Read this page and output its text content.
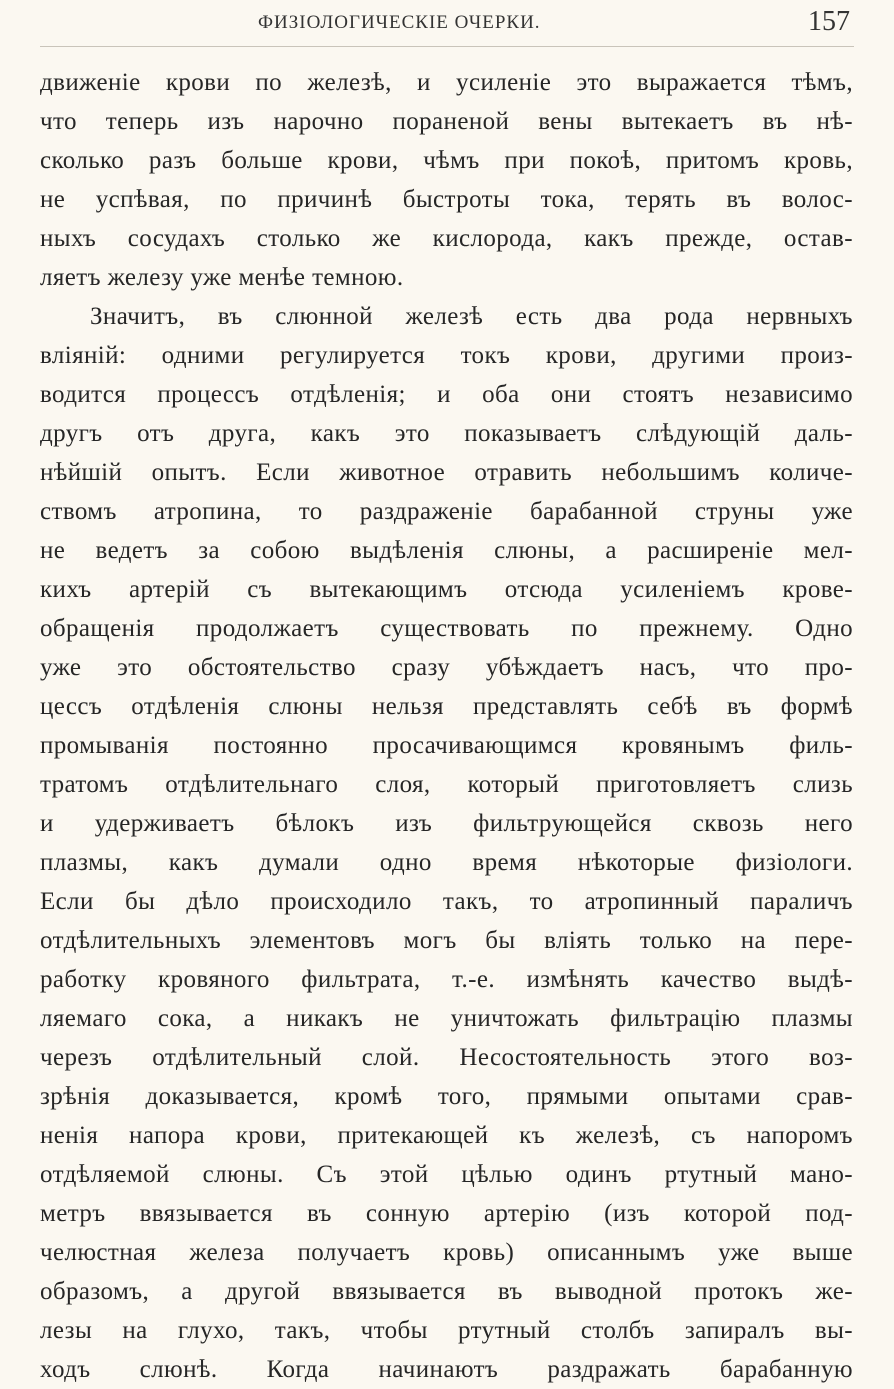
ФИЗІОЛОГИЧЕСКІЕ ОЧЕРКИ.	157
движенiе крови по железѣ, и усиленiе это выражается тѣмъ,
что теперь изъ нарочно пораненой вены вытекаетъ въ нѣ-
сколько разъ больше крови, чѣмъ при покоѣ, притомъ кровь,
не успѣвая, по причинѣ быстроты тока, терять въ волос-
ныхъ сосудахъ столько же кислорода, какъ прежде, остав-
ляетъ железу уже менѣе темною.
Значитъ, въ слюнной железѣ есть два рода нервныхъ
влiянiй: одними регулируется токъ крови, другими произ-
водится процессъ отдѣленiя; и оба они стоятъ независимо
другъ отъ друга, какъ это показываетъ слѣдующiй даль-
нѣйшiй опытъ. Если животное отравить небольшимъ количе-
ствомъ атропина, то раздраженiе барабанной струны уже
не ведетъ за собою выдѣленiя слюны, а расширенiе мел-
кихъ артерiй съ вытекающимъ отсюда усиленiемъ крове-
обращенiя продолжаетъ существовать по прежнему. Одно
уже это обстоятельство сразу убѣждаетъ насъ, что про-
цессъ отдѣленiя слюны нельзя представлять себѣ въ формѣ
промыванiя постоянно просачивающимся кровянымъ филь-
тратомъ отдѣлительнаго слоя, который приготовляетъ слизь
и удерживаетъ бѣлокъ изъ фильтрующейся сквозь него
плазмы, какъ думали одно время нѣкоторые физiологи.
Если бы дѣло происходило такъ, то атропинный параличъ
отдѣлительныхъ элементовъ могъ бы влiять только на пере-
работку кровяного фильтрата, т.-е. измѣнять качество выдѣ-
ляемаго сока, а никакъ не уничтожать фильтрацiю плазмы
черезъ отдѣлительный слой. Несостоятельность этого воз-
зрѣнiя доказывается, кромѣ того, прямыми опытами срав-
ненiя напора крови, притекающей къ железѣ, съ напоромъ
отдѣляемой слюны. Съ этой цѣлью одинъ ртутный мано-
метръ ввязывается въ сонную артерiю (изъ которой под-
челюстная железа получаетъ кровь) описаннымъ уже выше
образомъ, а другой ввязывается въ выводной протокъ же-
лезы на глухо, такъ, чтобы ртутный столбъ запиралъ вы-
ходъ слюнѣ. Когда начинаютъ раздражать барабанную
